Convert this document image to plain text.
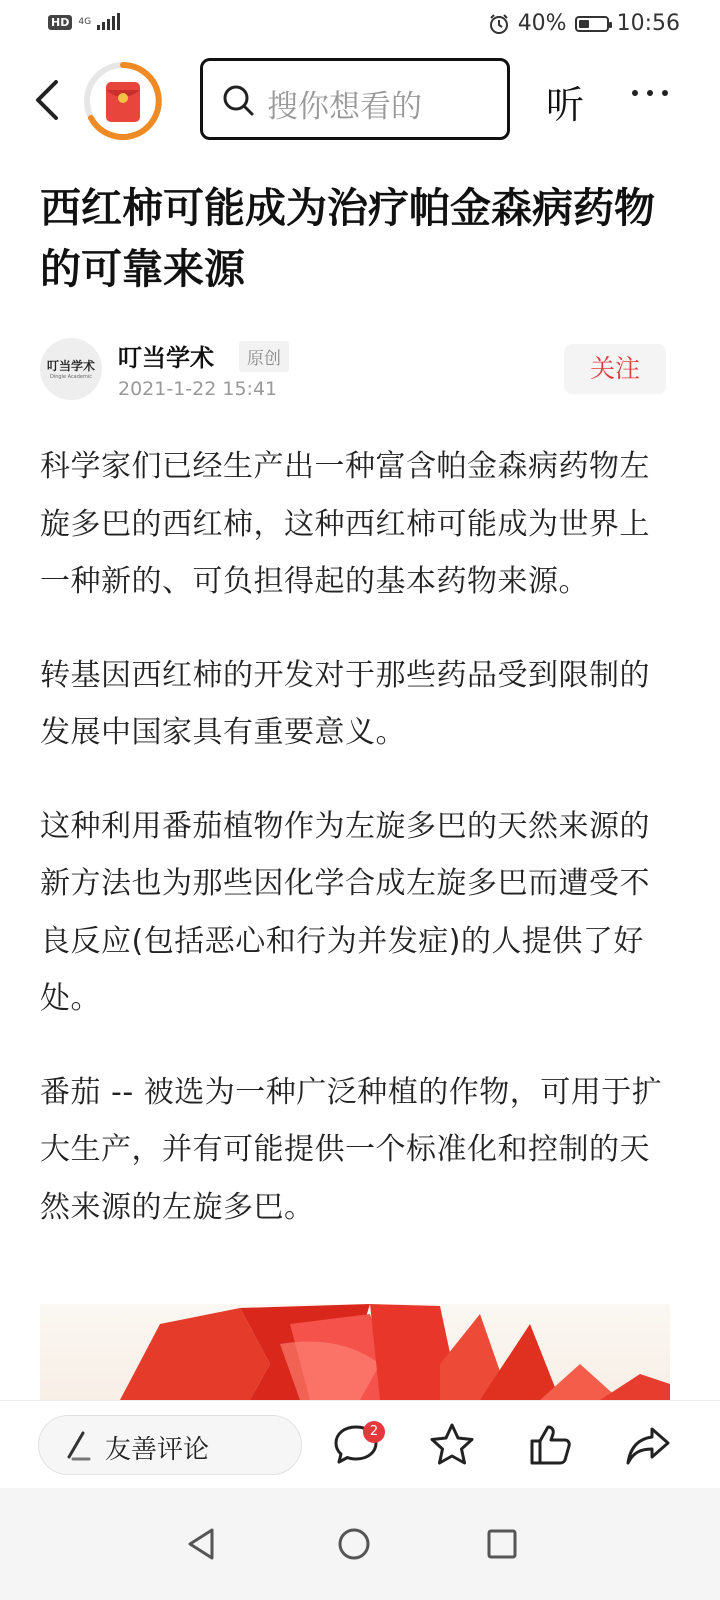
HD	4G	40% 10:56
搜你想看的	听
西红柿可能成为治疗帕金森病药物的可靠来源
叮当学术
Dingle Academic
叮当学术	原创
2021-1-22 15:41
关注

科学家们已经生产出一种富含帕金森病药物左旋多巴的西红柿，这种西红柿可能成为世界上一种新的、可负担得起的基本药物来源。

转基因西红柿的开发对于那些药品受到限制的发展中国家具有重要意义。

这种利用番茄植物作为左旋多巴的天然来源的新方法也为那些因化学合成左旋多巴而遭受不良反应(包括恶心和行为并发症)的人提供了好处。

番茄 -- 被选为一种广泛种植的作物，可用于扩大生产，并有可能提供一个标准化和控制的天然来源的左旋多巴。

友善评论
2
